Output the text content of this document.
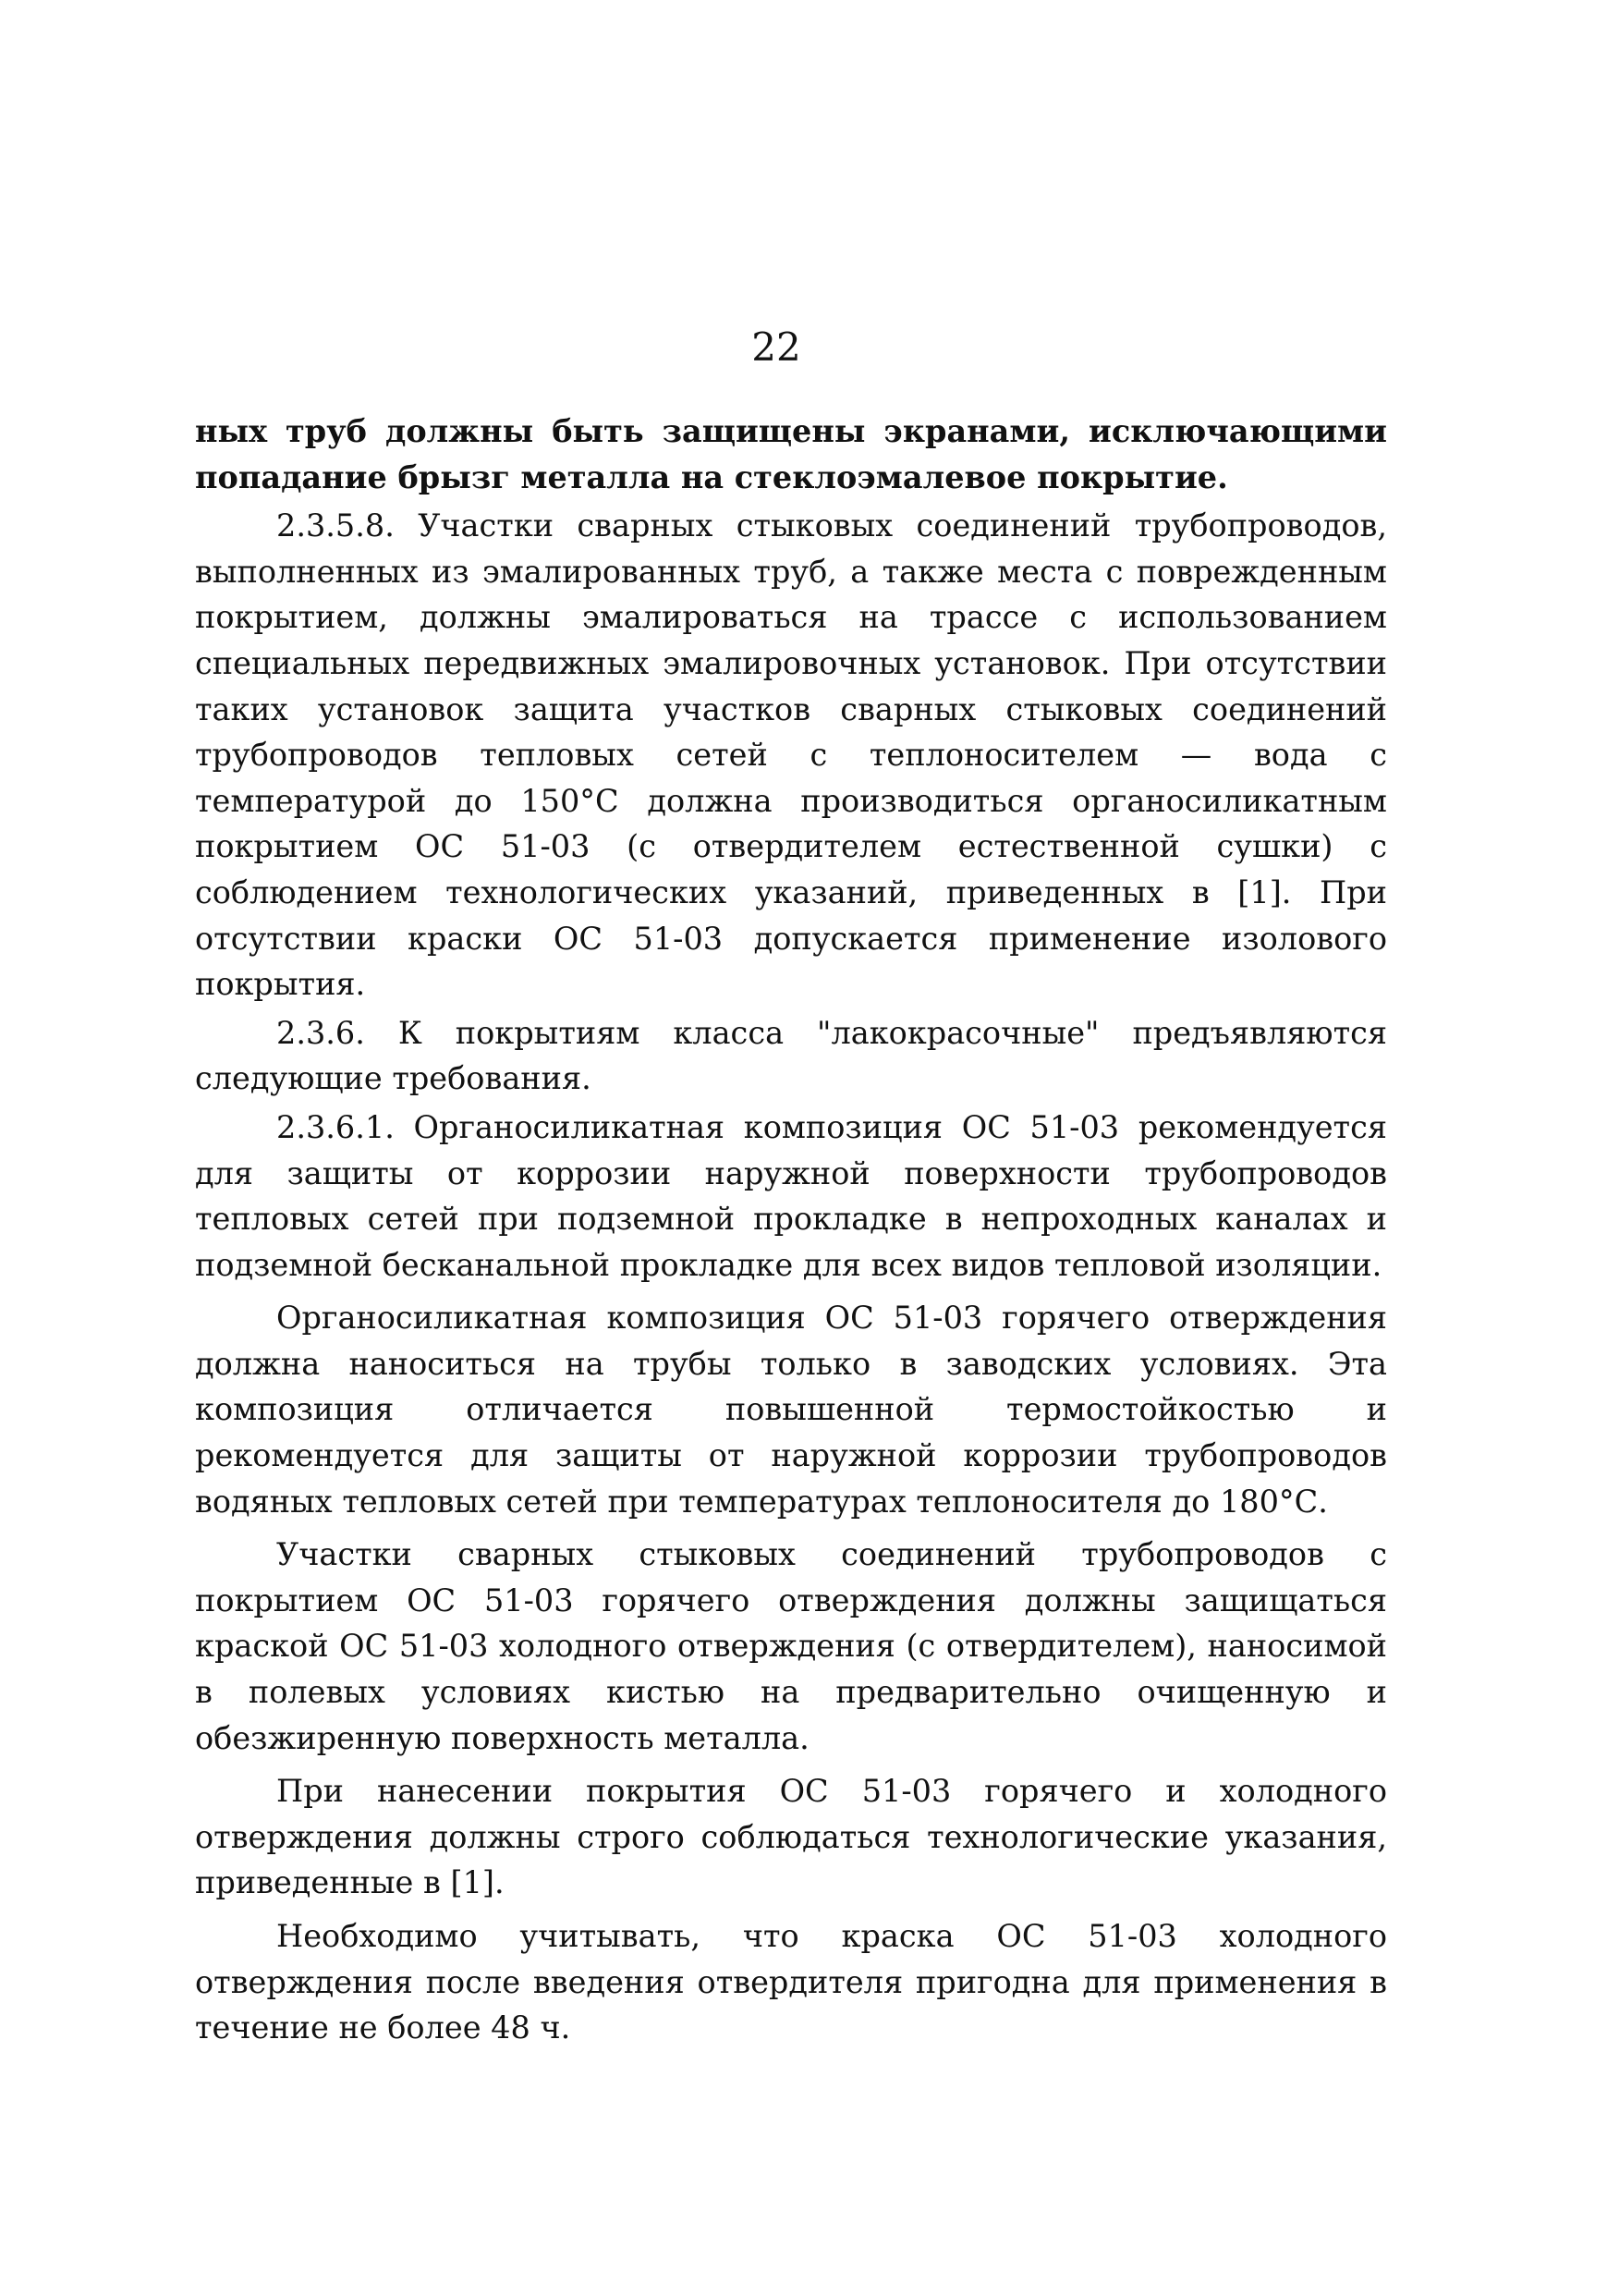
22

ных труб должны быть защищены экранами, исключающими попадание брызг металла на стеклоэмалевое покрытие.

2.3.5.8. Участки сварных стыковых соединений трубопроводов, выполненных из эмалированных труб, а также места с поврежденным покрытием, должны эмалироваться на трассе с использованием специальных передвижных эмалировочных установок. При отсутствии таких установок защита участков сварных стыковых соединений трубопроводов тепловых сетей с теплоносителем — вода с температурой до 150°С должна производиться органосиликатным покрытием ОС 51-03 (с отвердителем естественной сушки) с соблюдением технологических указаний, приведенных в [1]. При отсутствии краски ОС 51-03 допускается применение изолового покрытия.

2.3.6. К покрытиям класса "лакокрасочные" предъявляются следующие требования.

2.3.6.1. Органосиликатная композиция ОС 51-03 рекомендуется для защиты от коррозии наружной поверхности трубопроводов тепловых сетей при подземной прокладке в непроходных каналах и подземной бесканальной прокладке для всех видов тепловой изоляции.

Органосиликатная композиция ОС 51-03 горячего отверждения должна наноситься на трубы только в заводских условиях. Эта композиция отличается повышенной термостойкостью и рекомендуется для защиты от наружной коррозии трубопроводов водяных тепловых сетей при температурах теплоносителя до 180°С.

Участки сварных стыковых соединений трубопроводов с покрытием ОС 51-03 горячего отверждения должны защищаться краской ОС 51-03 холодного отверждения (с отвердителем), наносимой в полевых условиях кистью на предварительно очищенную и обезжиренную поверхность металла.

При нанесении покрытия ОС 51-03 горячего и холодного отверждения должны строго соблюдаться технологические указания, приведенные в [1].

Необходимо учитывать, что краска ОС 51-03 холодного отверждения после введения отвердителя пригодна для применения в течение не более 48 ч.
